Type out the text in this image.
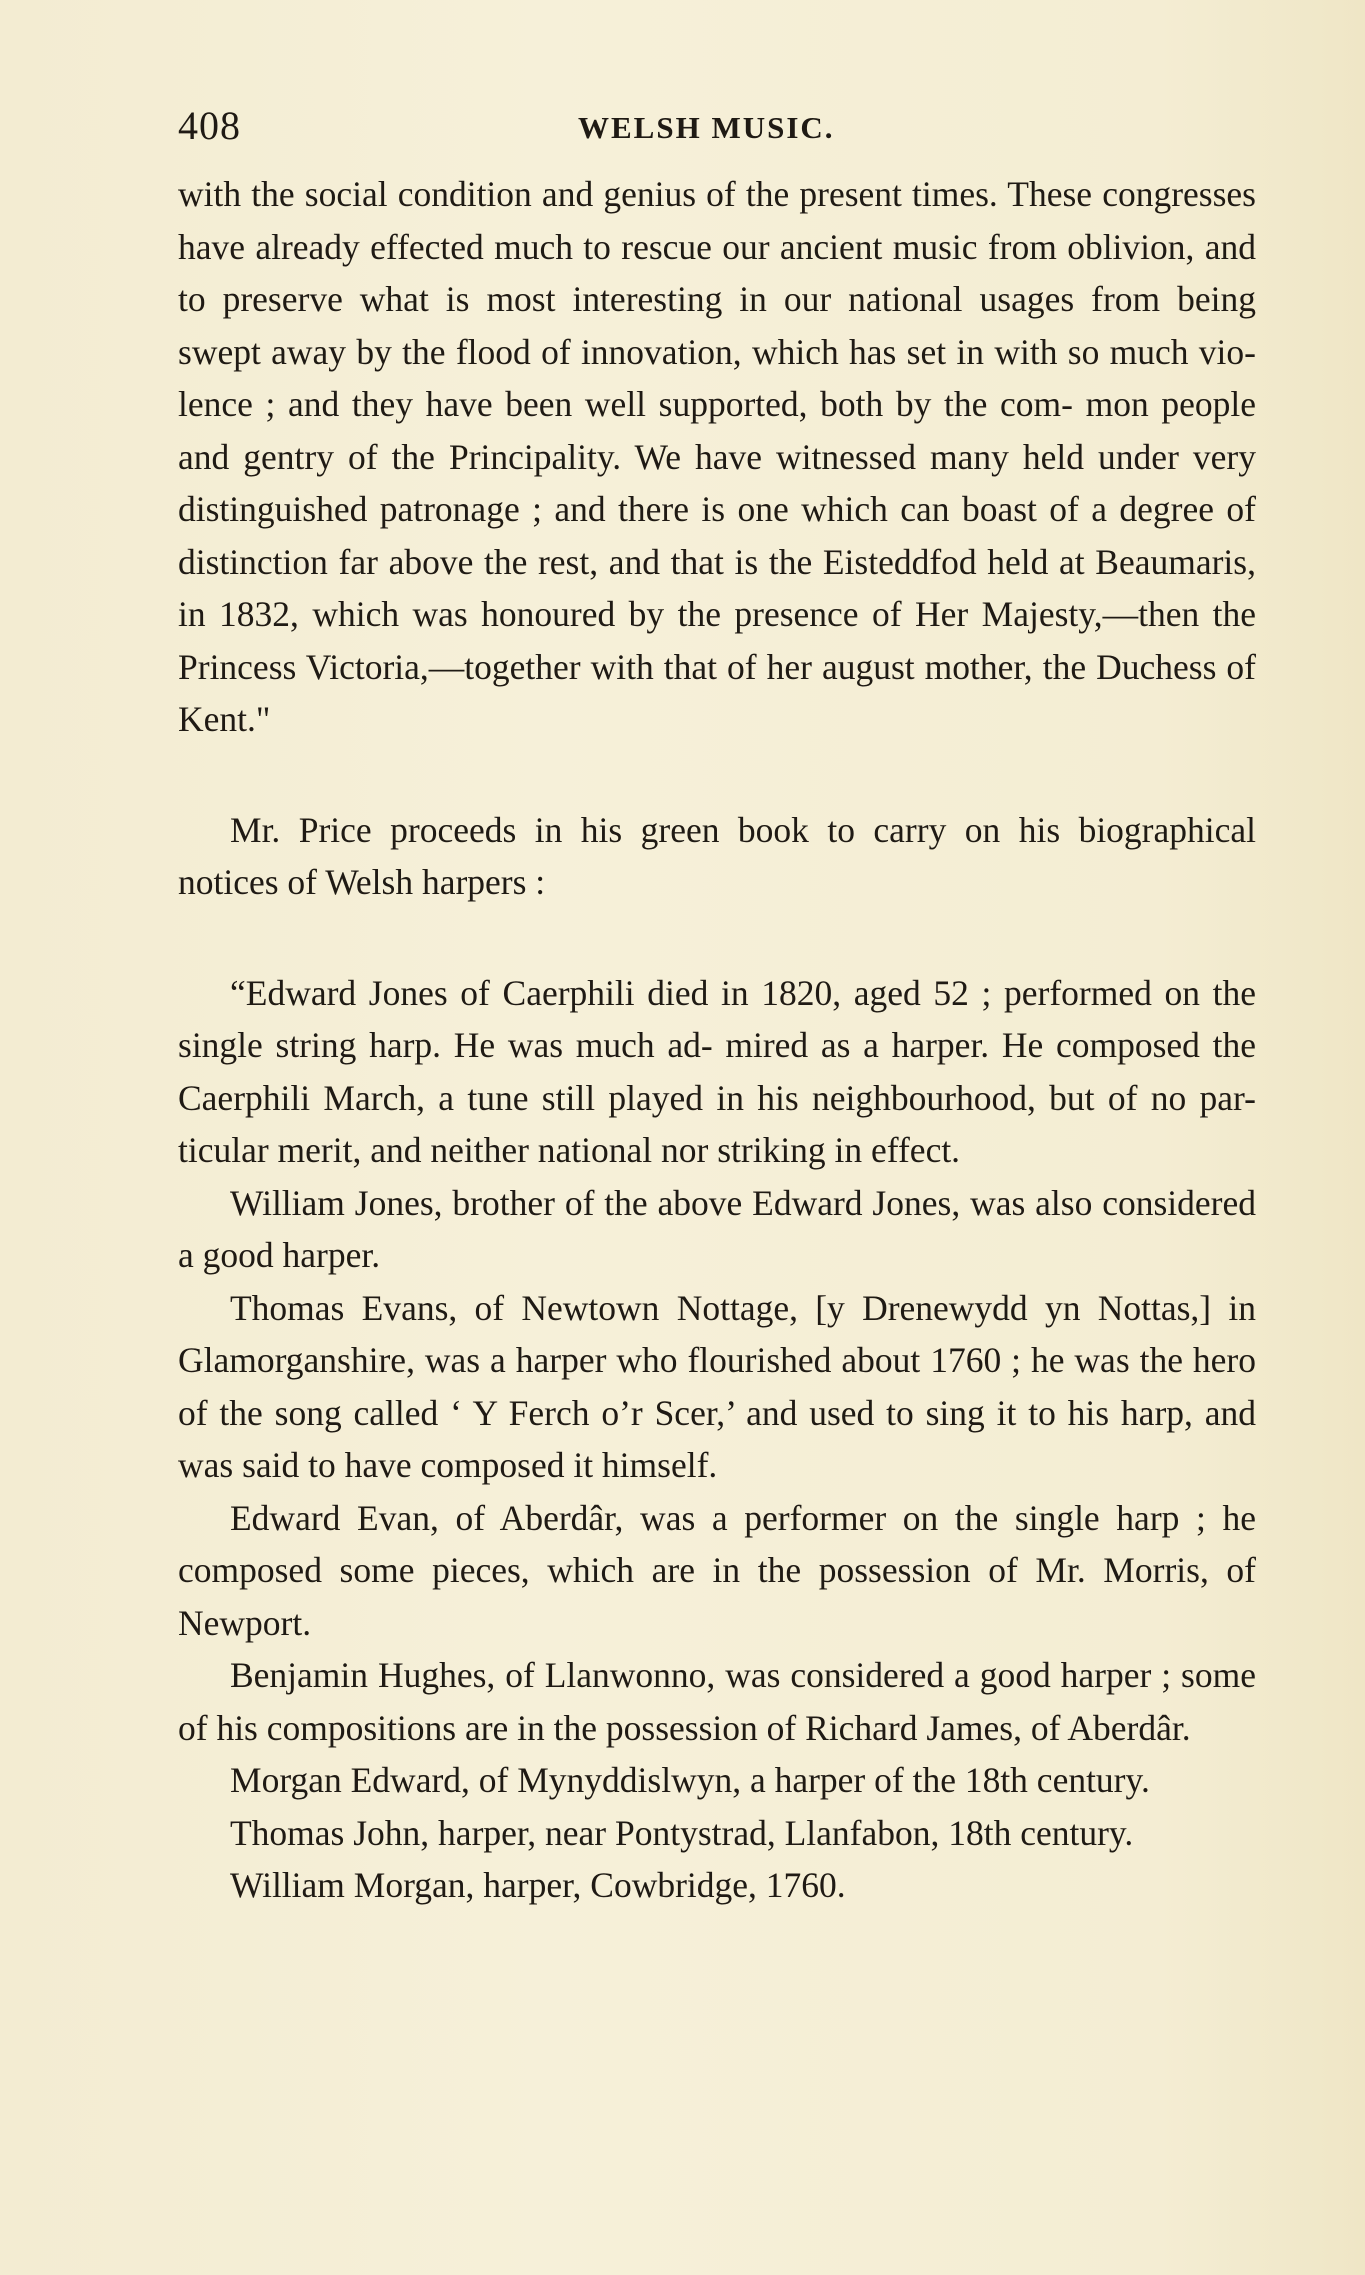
408	WELSH MUSIC.

with the social condition and genius of the present times. These congresses have already effected much to rescue our ancient music from oblivion, and to preserve what is most interesting in our national usages from being swept away by the flood of innovation, which has set in with so much vio- lence ; and they have been well supported, both by the com- mon people and gentry of the Principality. We have witnessed many held under very distinguished patronage ; and there is one which can boast of a degree of distinction far above the rest, and that is the Eisteddfod held at Beaumaris, in 1832, which was honoured by the presence of Her Majesty,—then the Princess Victoria,—together with that of her august mother, the Duchess of Kent."

Mr. Price proceeds in his green book to carry on his biographical notices of Welsh harpers :

“Edward Jones of Caerphili died in 1820, aged 52 ; performed on the single string harp. He was much ad- mired as a harper. He composed the Caerphili March, a tune still played in his neighbourhood, but of no par- ticular merit, and neither national nor striking in effect.

William Jones, brother of the above Edward Jones, was also considered a good harper.

Thomas Evans, of Newtown Nottage, [y Drenewydd yn Nottas,] in Glamorganshire, was a harper who flourished about 1760 ; he was the hero of the song called ‘ Y Ferch o’r Scer,’ and used to sing it to his harp, and was said to have composed it himself.

Edward Evan, of Aberdâr, was a performer on the single harp ; he composed some pieces, which are in the possession of Mr. Morris, of Newport.

Benjamin Hughes, of Llanwonno, was considered a good harper ; some of his compositions are in the possession of Richard James, of Aberdâr.

Morgan Edward, of Mynyddislwyn, a harper of the 18th century.

Thomas John, harper, near Pontystrad, Llanfabon, 18th century.

William Morgan, harper, Cowbridge, 1760.
